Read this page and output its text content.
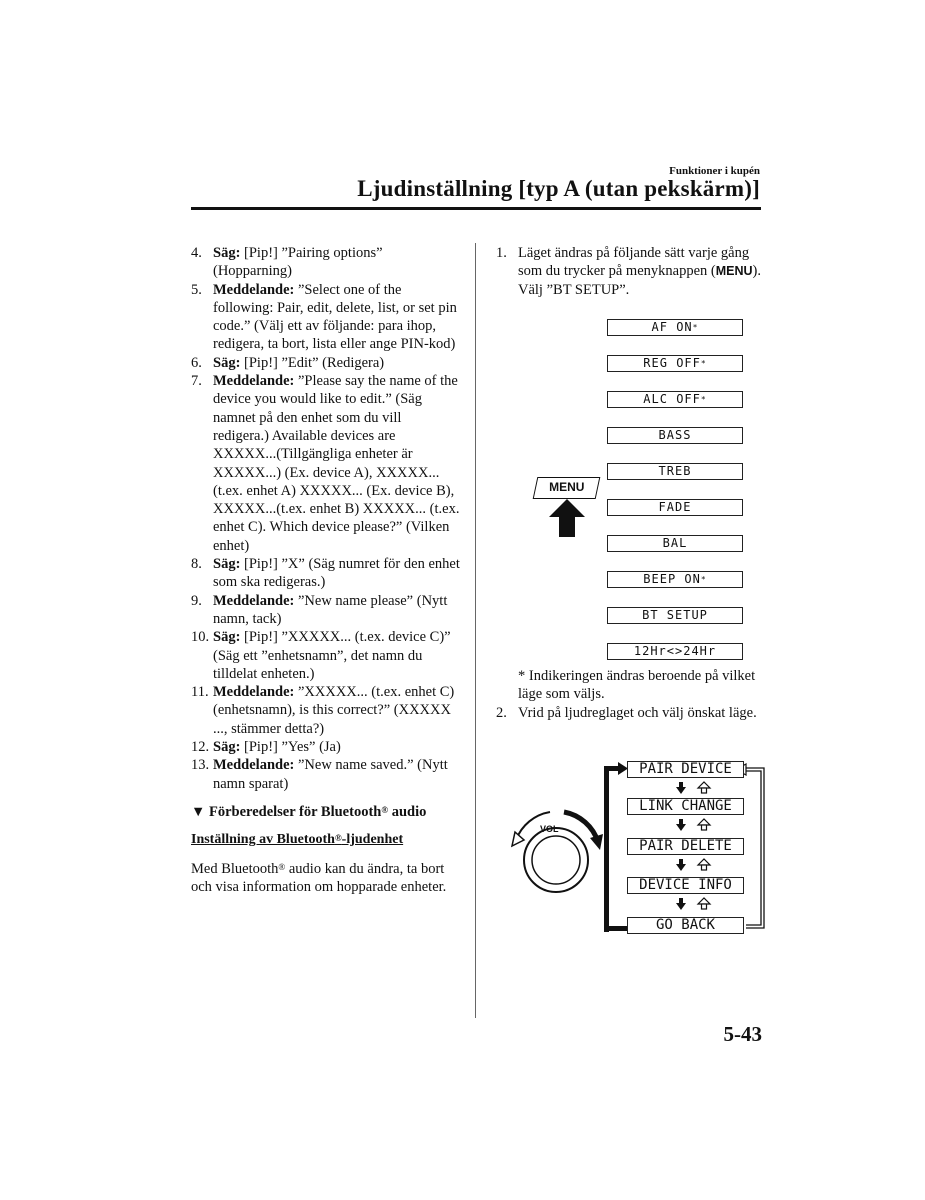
Funktioner i kupén
Ljudinställning [typ A (utan pekskärm)]
4. Säg: [Pip!] ”Pairing options” (Hopparning)
5. Meddelande: ”Select one of the following: Pair, edit, delete, list, or set pin code.” (Välj ett av följande: para ihop, redigera, ta bort, lista eller ange PIN-kod)
6. Säg: [Pip!] ”Edit” (Redigera)
7. Meddelande: ”Please say the name of the device you would like to edit.” (Säg namnet på den enhet som du vill redigera.) Available devices are XXXXX...(Tillgängliga enheter är XXXXX...) (Ex. device A), XXXXX... (t.ex. enhet A) XXXXX... (Ex. device B), XXXXX...(t.ex. enhet B) XXXXX... (t.ex. enhet C). Which device please?” (Vilken enhet)
8. Säg: [Pip!] ”X” (Säg numret för den enhet som ska redigeras.)
9. Meddelande: ”New name please” (Nytt namn, tack)
10. Säg: [Pip!] ”XXXXX... (t.ex. device C)” (Säg ett ”enhetsnamn”, det namn du tilldelat enheten.)
11. Meddelande: ”XXXXX... (t.ex. enhet C) (enhetsnamn), is this correct?” (XXXXX ..., stämmer detta?)
12. Säg: [Pip!] ”Yes” (Ja)
13. Meddelande: ”New name saved.” (Nytt namn sparat)
▼ Förberedelser för Bluetooth® audio
Inställning av Bluetooth®-ljudenhet
Med Bluetooth® audio kan du ändra, ta bort och visa information om hopparade enheter.
1. Läget ändras på följande sätt varje gång som du trycker på menyknappen (MENU). Välj ”BT SETUP”.
AF ON*
REG OFF*
ALC OFF*
BASS
TREB
FADE
BAL
BEEP ON*
BT SETUP
12Hr<>24Hr
MENU
* Indikeringen ändras beroende på vilket läge som väljs.
2. Vrid på ljudreglaget och välj önskat läge.
VOL
PAIR DEVICE
LINK CHANGE
PAIR DELETE
DEVICE INFO
GO BACK
5-43
